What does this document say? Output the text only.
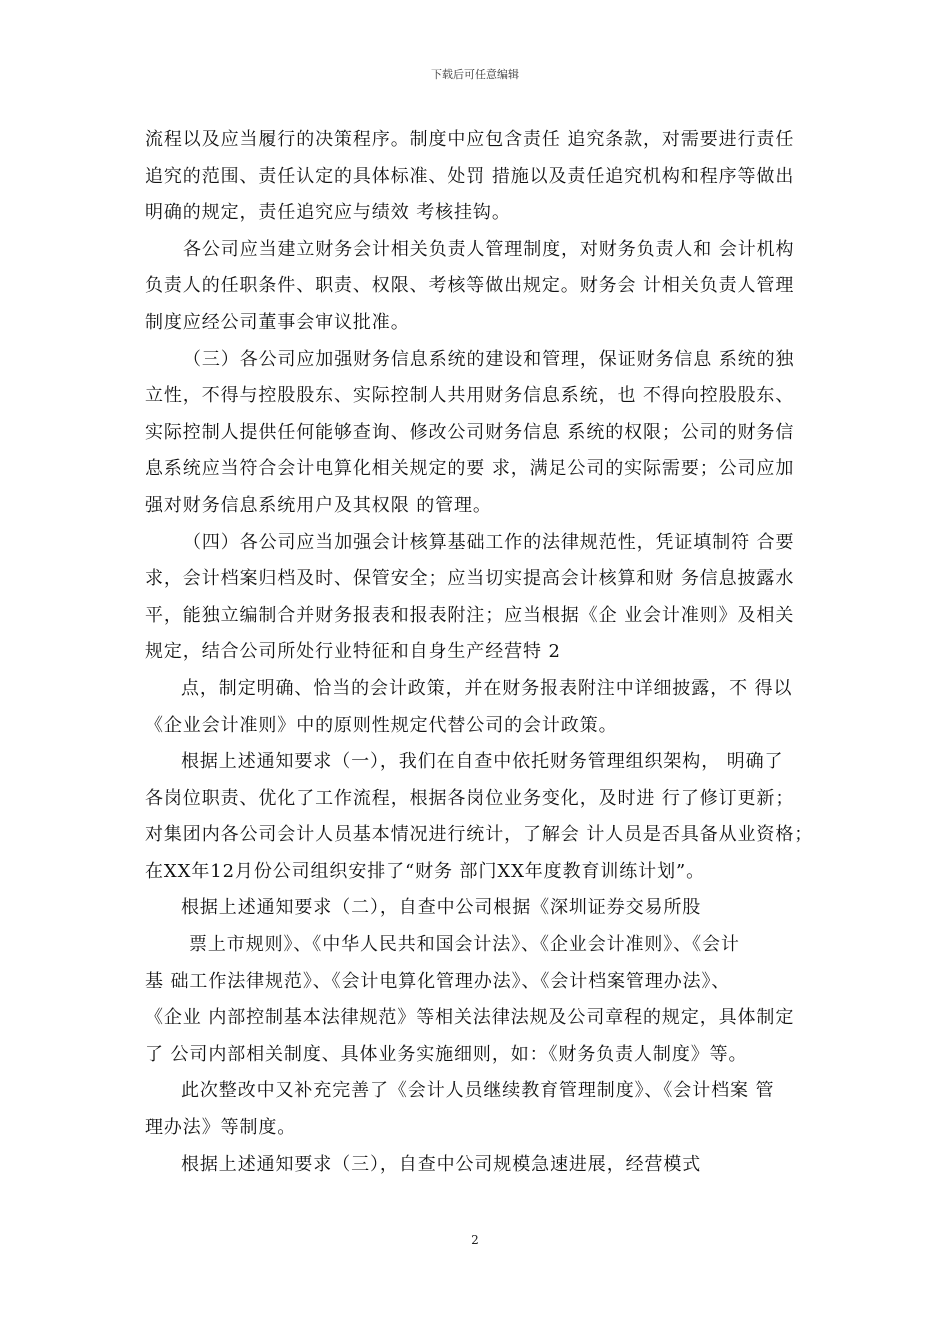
下载后可任意编辑
流程以及应当履行的决策程序。制度中应包含责任 追究条款，对需要进行责任
追究的范围、责任认定的具体标准、处罚 措施以及责任追究机构和程序等做出
明确的规定，责任追究应与绩效 考核挂钩。
各公司应当建立财务会计相关负责人管理制度，对财务负责人和 会计机构
负责人的任职条件、职责、权限、考核等做出规定。财务会 计相关负责人管理
制度应经公司董事会审议批准。
（三）各公司应加强财务信息系统的建设和管理，保证财务信息 系统的独
立性，不得与控股股东、实际控制人共用财务信息系统，也 不得向控股股东、
实际控制人提供任何能够查询、修改公司财务信息 系统的权限；公司的财务信
息系统应当符合会计电算化相关规定的要 求，满足公司的实际需要；公司应加
强对财务信息系统用户及其权限 的管理。
（四）各公司应当加强会计核算基础工作的法律规范性，凭证填制符 合要
求，会计档案归档及时、保管安全；应当切实提高会计核算和财 务信息披露水
平，能独立编制合并财务报表和报表附注；应当根据《企 业会计准则》及相关
规定，结合公司所处行业特征和自身生产经营特 2
点，制定明确、恰当的会计政策，并在财务报表附注中详细披露，不 得以
《企业会计准则》中的原则性规定代替公司的会计政策。
根据上述通知要求（一），我们在自查中依托财务管理组织架构， 明确了
各岗位职责、优化了工作流程，根据各岗位业务变化，及时进 行了修订更新；
对集团内各公司会计人员基本情况进行统计，了解会 计人员是否具备从业资格；
在XX年12月份公司组织安排了“财务 部门XX年度教育训练计划”。
根据上述通知要求（二），自查中公司根据《深圳证券交易所股
票上市规则》、《中华人民共和国会计法》、《企业会计准则》、《会计
基 础工作法律规范》、《会计电算化管理办法》、《会计档案管理办法》、
《企业 内部控制基本法律规范》等相关法律法规及公司章程的规定，具体制定
了 公司内部相关制度、具体业务实施细则，如：《财务负责人制度》等。
此次整改中又补充完善了《会计人员继续教育管理制度》、《会计档案 管
理办法》等制度。
根据上述通知要求（三），自查中公司规模急速进展，经营模式
2
